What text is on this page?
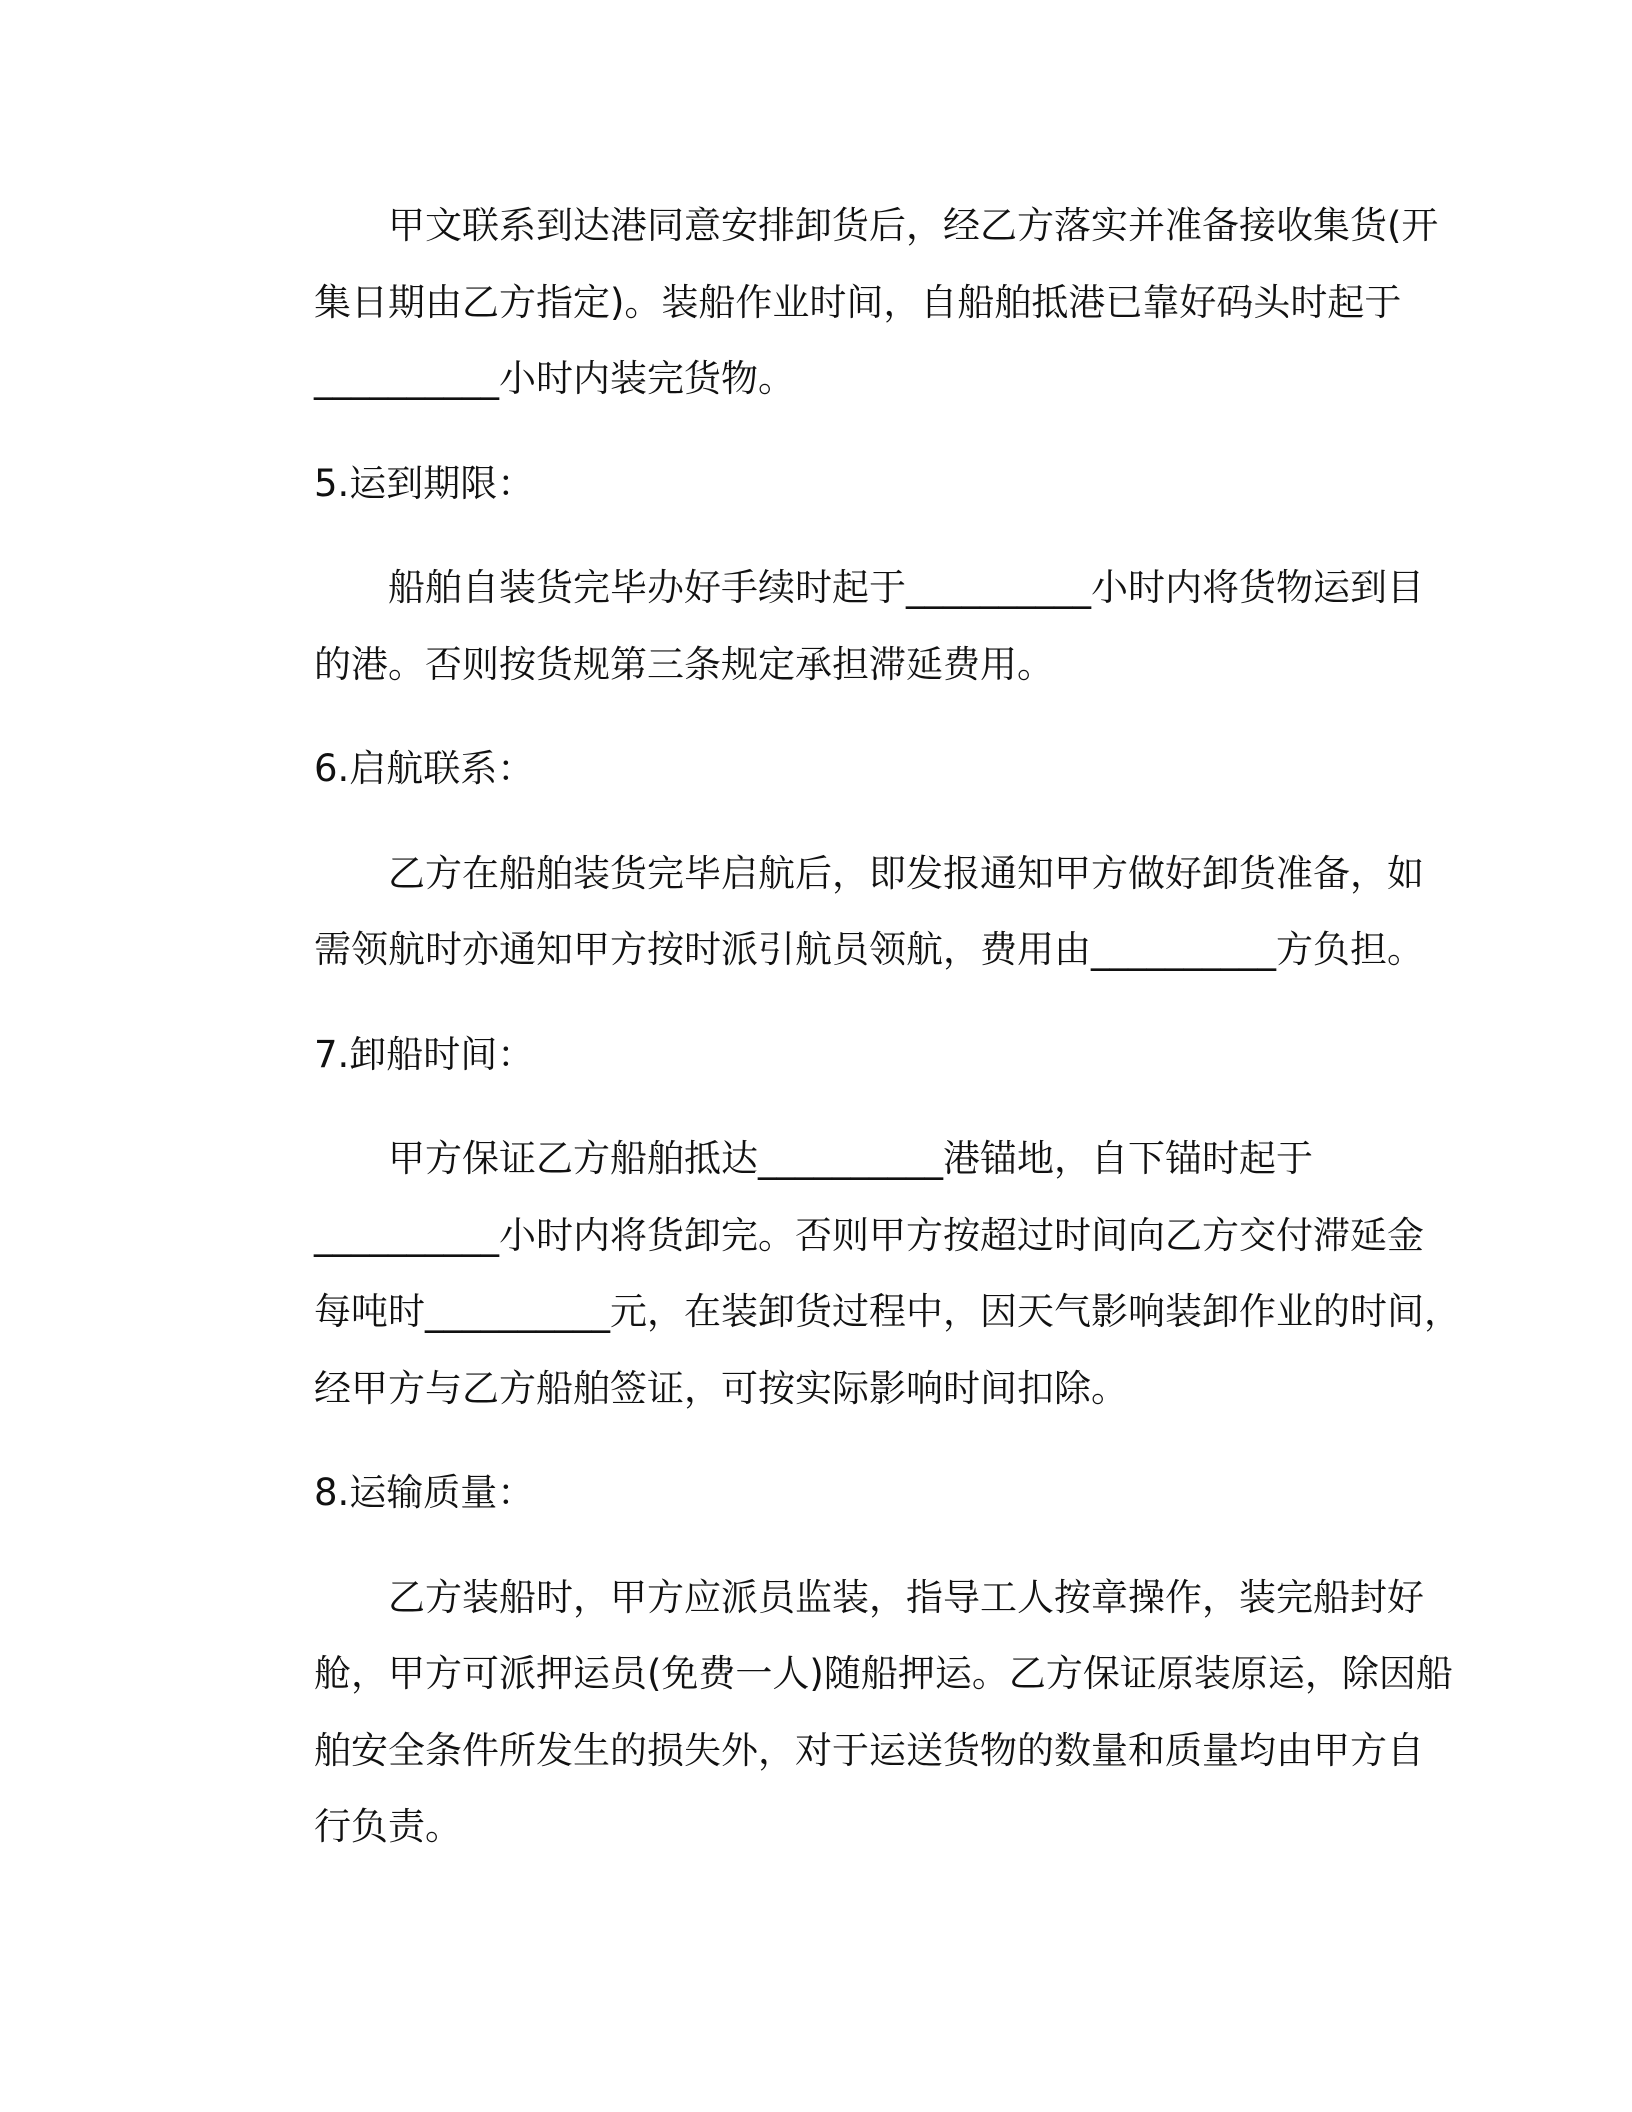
甲文联系到达港同意安排卸货后，经乙方落实并准备接收集货(开
集日期由乙方指定)。装船作业时间，自船舶抵港已靠好码头时起于
__________小时内装完货物。
5.运到期限：
船舶自装货完毕办好手续时起于__________小时内将货物运到目
的港。否则按货规第三条规定承担滞延费用。
6.启航联系：
乙方在船舶装货完毕启航后，即发报通知甲方做好卸货准备，如
需领航时亦通知甲方按时派引航员领航，费用由__________方负担。
7.卸船时间：
甲方保证乙方船舶抵达__________港锚地，自下锚时起于
__________小时内将货卸完。否则甲方按超过时间向乙方交付滞延金
每吨时__________元，在装卸货过程中，因天气影响装卸作业的时间，
经甲方与乙方船舶签证，可按实际影响时间扣除。
8.运输质量：
乙方装船时，甲方应派员监装，指导工人按章操作，装完船封好
舱，甲方可派押运员(免费一人)随船押运。乙方保证原装原运，除因船
舶安全条件所发生的损失外，对于运送货物的数量和质量均由甲方自
行负责。
